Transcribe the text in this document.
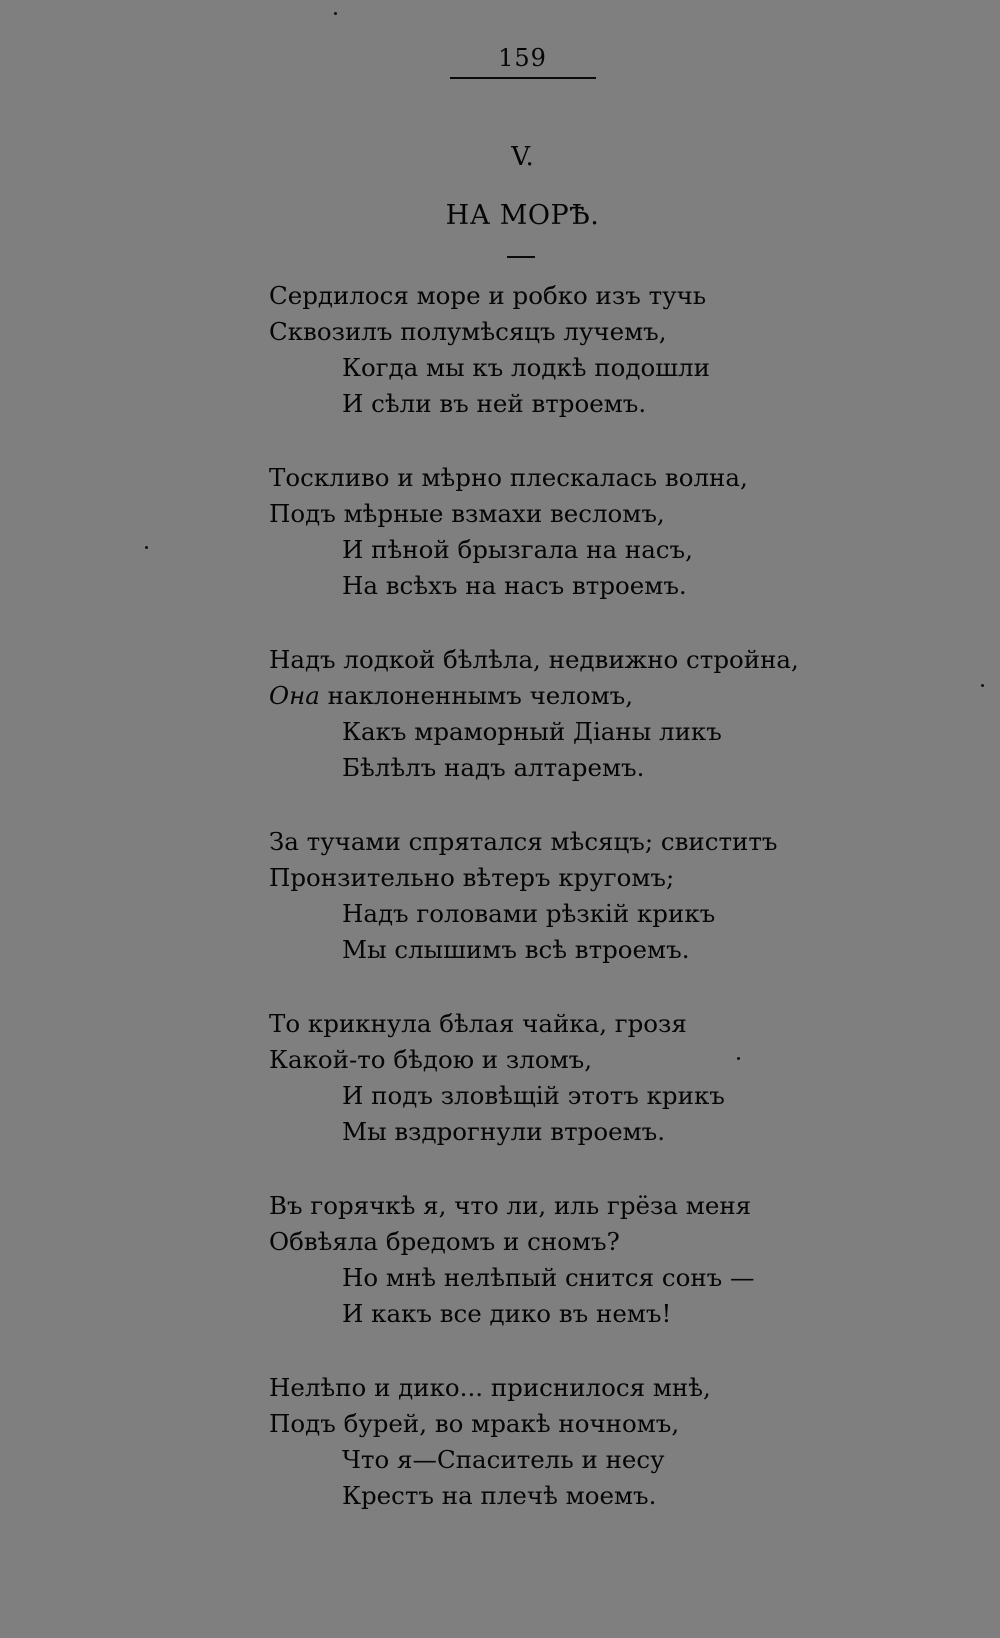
159
V.
НА МОРѢ.
Сердилося море и робко изъ тучь
Сквозилъ полумѣсяцъ лучемъ,
Когда мы къ лодкѣ подошли
И сѣли въ ней втроемъ.
Тоскливо и мѣрно плескалась волна,
Подъ мѣрные взмахи весломъ,
И пѣной брызгала на насъ,
На всѣхъ на насъ втроемъ.
Надъ лодкой бѣлѣла, недвижно стройна,
Она наклоненнымъ челомъ,
Какъ мраморный Діаны ликъ
Бѣлѣлъ надъ алтаремъ.
За тучами спрятался мѣсяцъ; свиститъ
Пронзительно вѣтеръ кругомъ;
Надъ головами рѣзкій крикъ
Мы слышимъ всѣ втроемъ.
То крикнула бѣлая чайка, грозя
Какой-то бѣдою и зломъ,
И подъ зловѣщій этотъ крикъ
Мы вздрогнули втроемъ.
Въ горячкѣ я, что ли, иль грёза меня
Обвѣяла бредомъ и сномъ?
Но мнѣ нелѣпый снится сонъ —
И какъ все дико въ немъ!
Нелѣпо и дико... приснилося мнѣ,
Подъ бурей, во мракѣ ночномъ,
Что я—Спаситель и несу
Крестъ на плечѣ моемъ.
